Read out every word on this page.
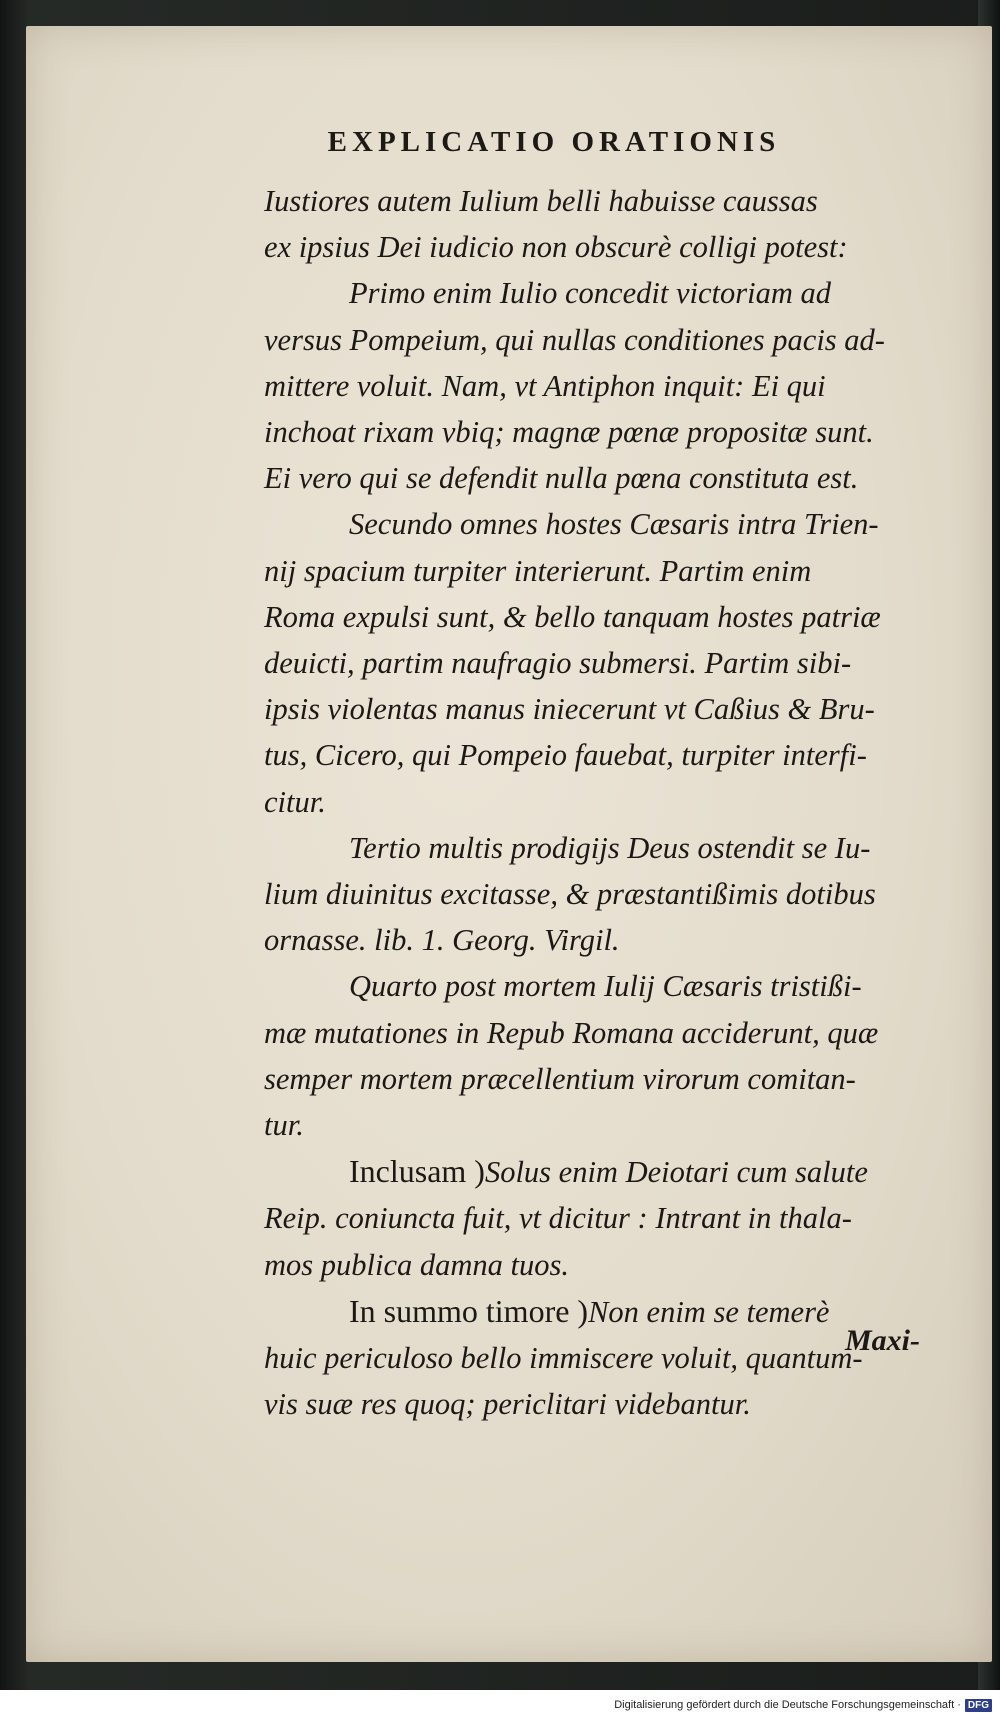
EXPLICATIO ORATIONIS

Iustiores autem Iulium belli habuisse caussas
ex ipsius Dei iudicio non obscurè colligi potest:

Primo enim Iulio concedit victoriam ad
versus Pompeium, qui nullas conditiones pacis ad-
mittere voluit. Nam, vt Antiphon inquit: Ei qui
inchoat rixam vbiq; magnæ pœnæ propositæ sunt.
Ei vero qui se defendit nulla pœna constituta est.

Secundo omnes hostes Cæsaris intra Trien-
nij spacium turpiter interierunt. Partim enim
Roma expulsi sunt, & bello tanquam hostes patriæ
deuicti, partim naufragio submersi. Partim sibi-
ipsis violentas manus iniecerunt vt Caßius & Bru-
tus, Cicero, qui Pompeio fauebat, turpiter interfi-
citur.

Tertio multis prodigijs Deus ostendit se Iu-
lium diuinitus excitasse, & præstantißimis dotibus
ornasse. lib. 1. Georg. Virgil.

Quarto post mortem Iulij Cæsaris tristißi-
mæ mutationes in Repub Romana acciderunt, quæ
semper mortem præcellentium virorum comitan-
tur.

Inclusam )Solus enim Deiotari cum salute
Reip. coniuncta fuit, vt dicitur : Intrant in thala-
mos publica damna tuos.

In summo timore )Non enim se temerè
huic periculoso bello immiscere voluit, quantum-
vis suæ res quoq; periclitari videbantur.

Maxi-
Digitalisierung gefördert durch die Deutsche Forschungsgemeinschaft · DFG
